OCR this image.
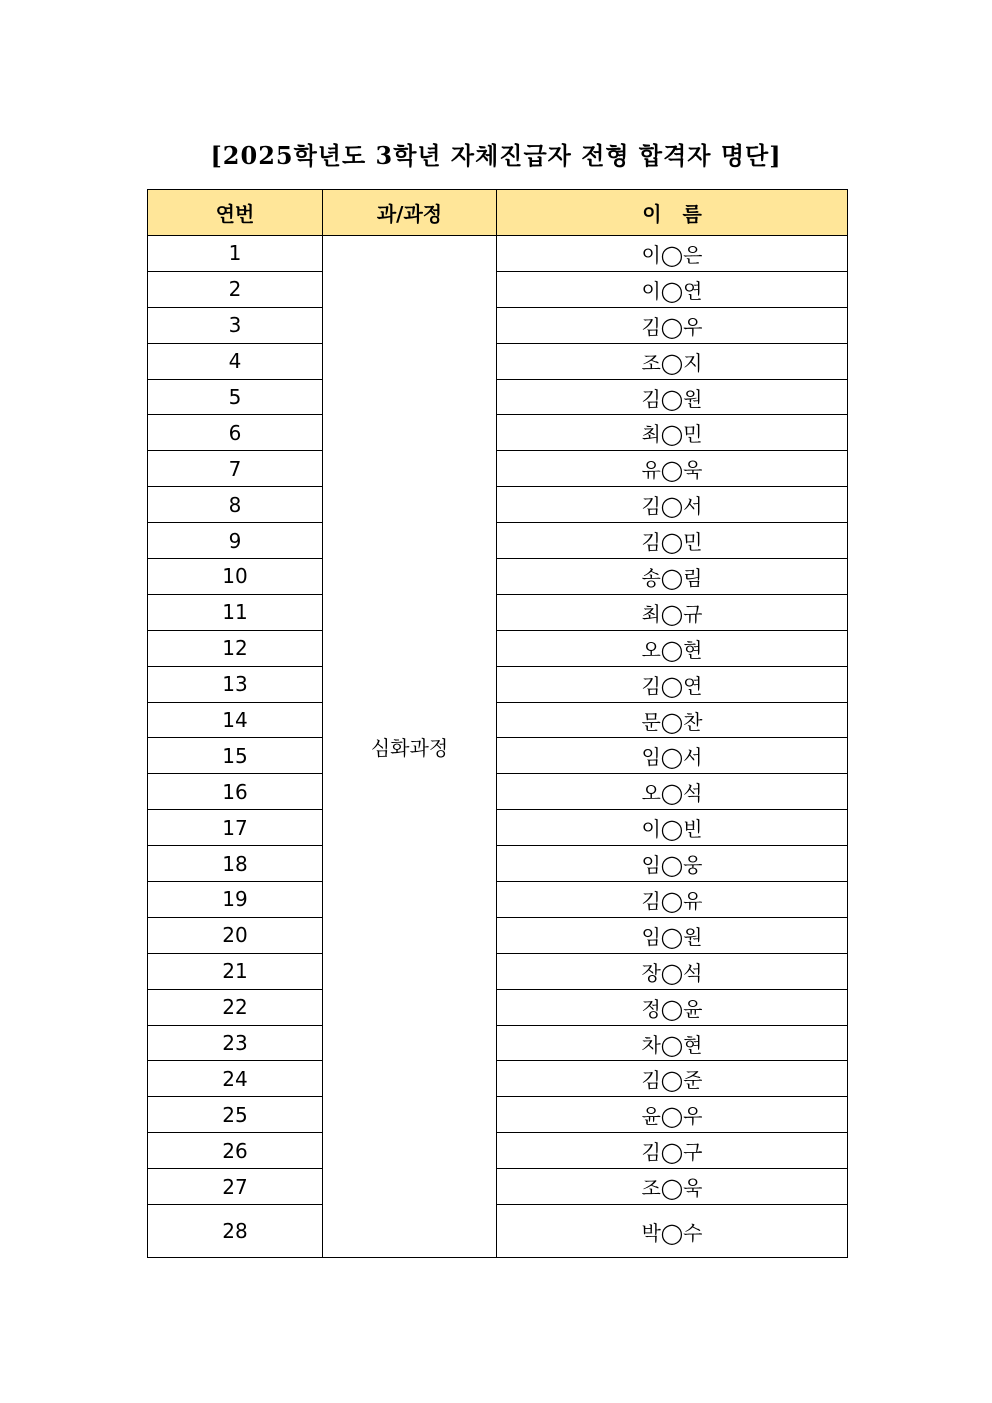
[2025학년도 3학년 자체진급자 전형 합격자 명단]
연번	과/과정	이   름
1	심화과정	이◯은
2		이◯연
3		김◯우
4		조◯지
5		김◯원
6		최◯민
7		유◯욱
8		김◯서
9		김◯민
10		송◯림
11		최◯규
12		오◯현
13		김◯연
14		문◯찬
15		임◯서
16		오◯석
17		이◯빈
18		임◯웅
19		김◯유
20		임◯원
21		장◯석
22		정◯윤
23		차◯현
24		김◯준
25		윤◯우
26		김◯구
27		조◯욱
28		박◯수
